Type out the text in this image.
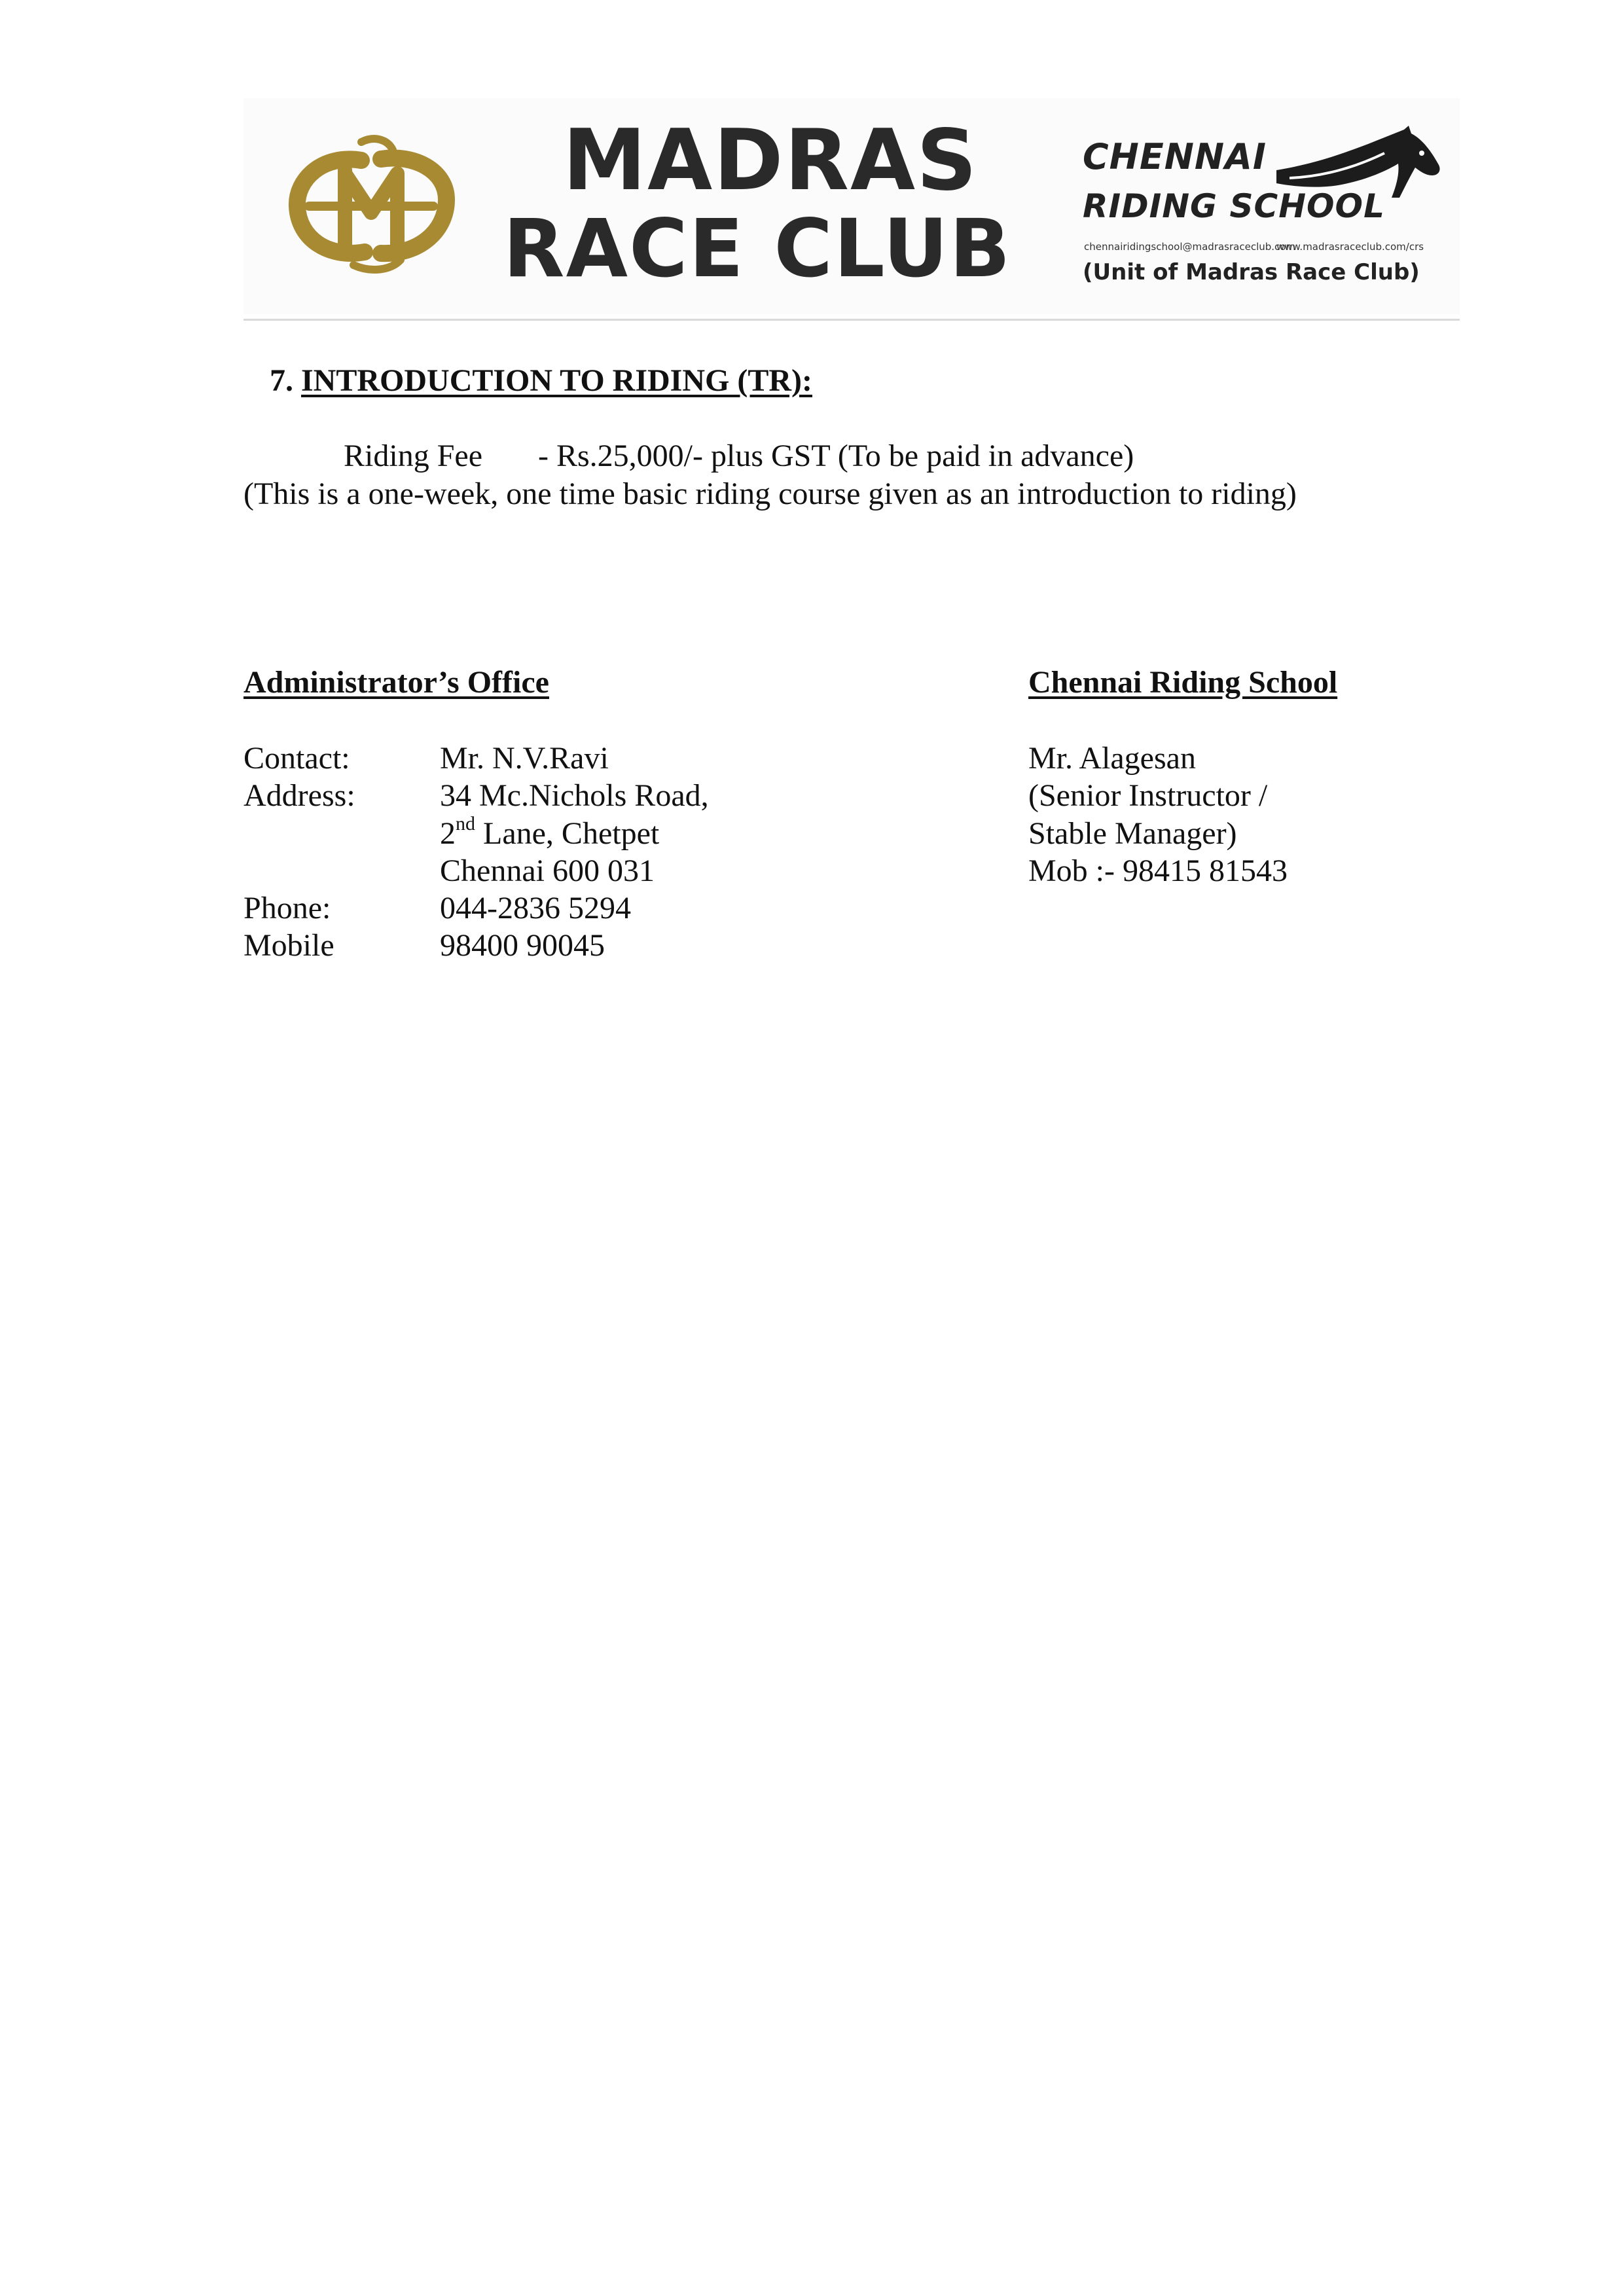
MADRAS
RACE CLUB
CHENNAI
RIDING SCHOOL
chennairidingschool@madrasraceclub.com
www.madrasraceclub.com/crs
(Unit of Madras Race Club)
7. INTRODUCTION TO RIDING (TR):
Riding Fee - Rs.25,000/- plus GST (To be paid in advance)
(This is a one-week, one time basic riding course given as an introduction to riding)
Administrator’s Office
Contact:	Mr. N.V.Ravi
Address:	34 Mc.Nichols Road,
2nd Lane, Chetpet
Chennai 600 031
Phone:	044-2836 5294
Mobile	98400 90045
Chennai Riding School
Mr. Alagesan
(Senior Instructor /
Stable Manager)
Mob :- 98415 81543
